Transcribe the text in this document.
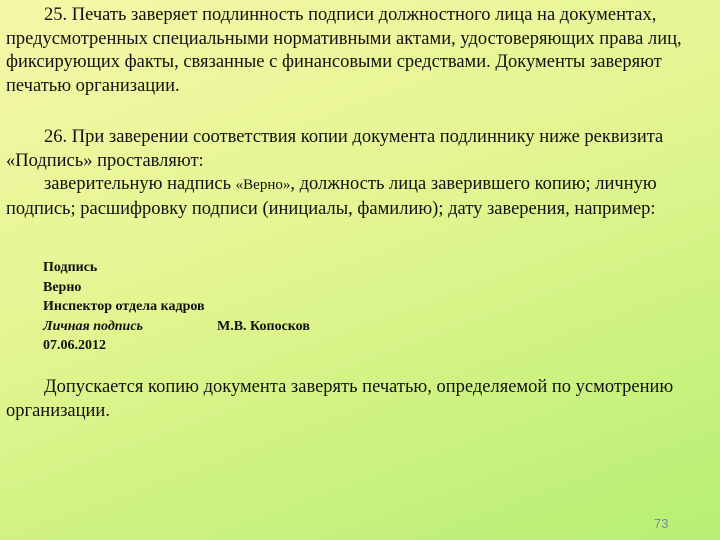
25. Печать заверяет подлинность подписи должностного лица на документах, предусмотренных специальными нормативными актами, удостоверяющих права лиц, фиксирующих факты, связанные с финансовыми средствами. Документы заверяют печатью организации.

26. При заверении соответствия копии документа подлиннику ниже реквизита «Подпись» проставляют:
заверительную надпись «Верно», должность лица заверившего копию; личную подпись; расшифровку подписи (инициалы, фамилию); дату заверения, например:

Подпись
Верно
Инспектор отдела кадров
Личная подпись	М.В. Копосков
07.06.2012

Допускается копию документа заверять печатью, определяемой по усмотрению организации.

73
